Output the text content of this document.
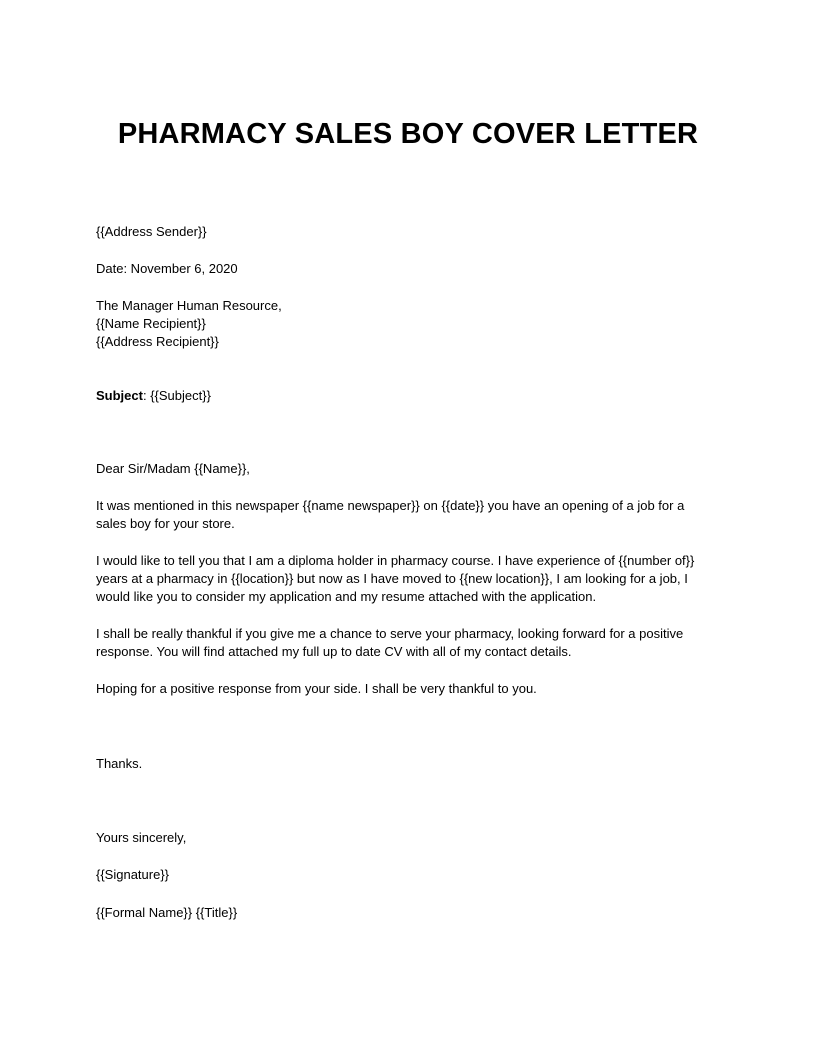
PHARMACY SALES BOY COVER LETTER
{{Address Sender}}
Date: November 6, 2020
The Manager Human Resource,
{{Name Recipient}}
{{Address Recipient}}
Subject: {{Subject}}
Dear Sir/Madam {{Name}},
It was mentioned in this newspaper {{name newspaper}} on {{date}} you have an opening of a job for a
sales boy for your store.
I would like to tell you that I am a diploma holder in pharmacy course. I have experience of {{number of}}
years at a pharmacy in {{location}} but now as I have moved to {{new location}}, I am looking for a job, I
would like you to consider my application and my resume attached with the application.
I shall be really thankful if you give me a chance to serve your pharmacy, looking forward for a positive
response. You will find attached my full up to date CV with all of my contact details.
Hoping for a positive response from your side. I shall be very thankful to you.
Thanks.
Yours sincerely,
{{Signature}}
{{Formal Name}} {{Title}}
